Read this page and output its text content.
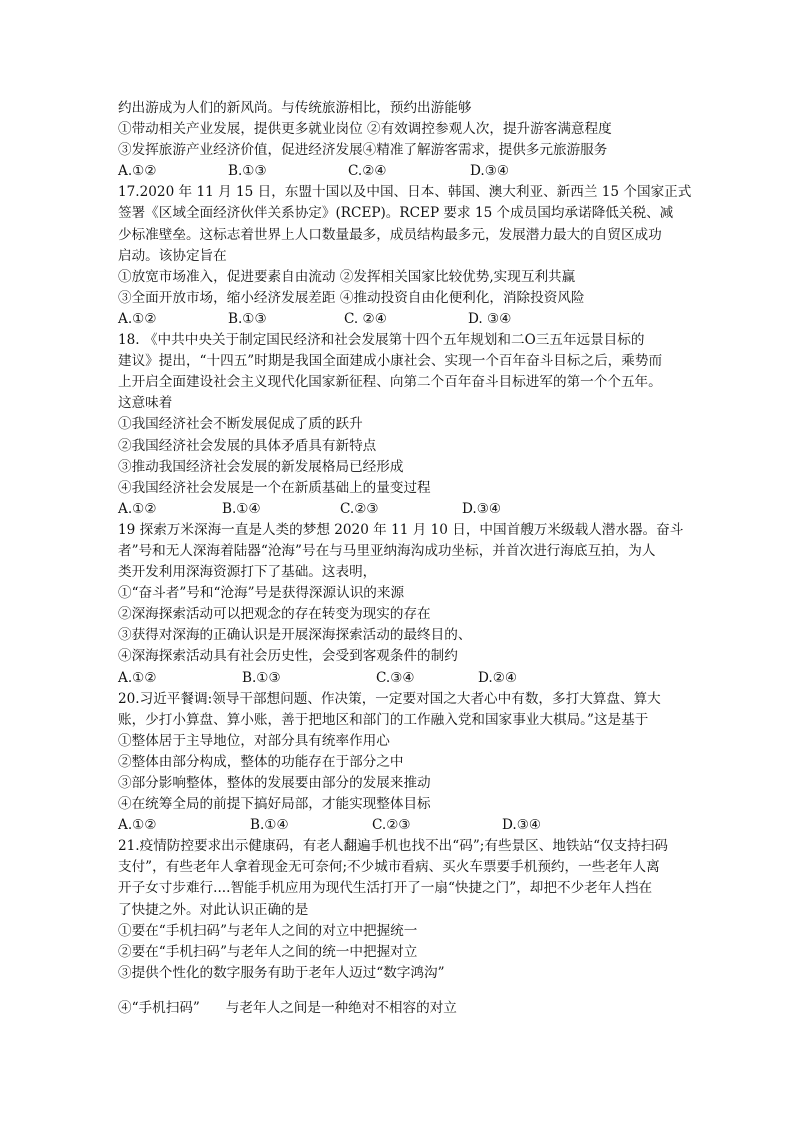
约出游成为人们的新风尚。与传统旅游相比，预约出游能够
①带动相关产业发展，提供更多就业岗位 ②有效调控参观人次，提升游客满意程度
③发挥旅游产业经济价值，促进经济发展④精准了解游客需求，提供多元旅游服务
A.①②	B.①③	C.②④	D.③④
17.2020 年 11 月 15 日，东盟十国以及中国、日本、韩国、澳大利亚、新西兰 15 个国家正式
签署《区域全面经济伙伴关系协定》(RCEP)。RCEP 要求 15 个成员国均承诺降低关税、减
少标准壁垒。这标志着世界上人口数量最多，成员结构最多元，发展潜力最大的自贸区成功
启动。该协定旨在
①放宽市场准入，促进要素自由流动 ②发挥相关国家比较优势,实现互利共赢
③全面开放市场，缩小经济发展差距 ④推动投资自由化便利化，消除投资风险
A.①②	B.①③	C. ②④	D. ③④
18. 《中共中央关于制定国民经济和社会发展第十四个五年规划和二O三五年远景目标的
建议》提出，“十四五”时期是我国全面建成小康社会、实现一个百年奋斗目标之后，乘势而
上开启全面建设社会主义现代化国家新征程、向第二个百年奋斗目标进军的第一个个五年。
这意味着
①我国经济社会不断发展促成了质的跃升
②我国经济社会发展的具体矛盾具有新特点
③推动我国经济社会发展的新发展格局已经形成
④我国经济社会发展是一个在新质基础上的量变过程
A.①②	B.①④	C.②③	D.③④
19 探索万米深海一直是人类的梦想 2020 年 11 月 10 日，中国首艘万米级载人潜水器。奋斗
者”号和无人深海着陆器“沧海”号在与马里亚纳海沟成功坐标，并首次进行海底互拍，为人
类开发利用深海资源打下了基础。这表明，
①“奋斗者”号和“沧海”号是获得深源认识的来源
②深海探索活动可以把观念的存在转变为现实的存在
③获得对深海的正确认识是开展深海探索活动的最终目的、
④深海探索活动具有社会历史性，会受到客观条件的制约
A.①②	B.①③	C.③④	D.②④
20.习近平餐调:领导干部想问题、作决策，一定要对国之大者心中有数，多打大算盘、算大
账，少打小算盘、算小账，善于把地区和部门的工作融入党和国家事业大棋局。”这是基于
①整体居于主导地位，对部分具有统率作用心
②整体由部分构成，整体的功能存在于部分之中
③部分影响整体，整体的发展要由部分的发展来推动
④在统筹全局的前提下搞好局部，才能实现整体目标
A.①②	B.①④	C.②③	D.③④
21.疫情防控要求出示健康码，有老人翻遍手机也找不出“码”;有些景区、地铁站“仅支持扫码
支付”，有些老年人拿着现金无可奈何;不少城市看病、买火车票要手机预约，一些老年人离
开子女寸步难行....智能手机应用为现代生活打开了一扇“快捷之门”，却把不少老年人挡在
了快捷之外。对此认识正确的是
①要在“手机扫码”与老年人之间的对立中把握统一
②要在“手机扫码”与老年人之间的统一中把握对立
③提供个性化的数字服务有助于老年人迈过“数字鸿沟”
④“手机扫码”      与老年人之间是一种绝对不相容的对立
